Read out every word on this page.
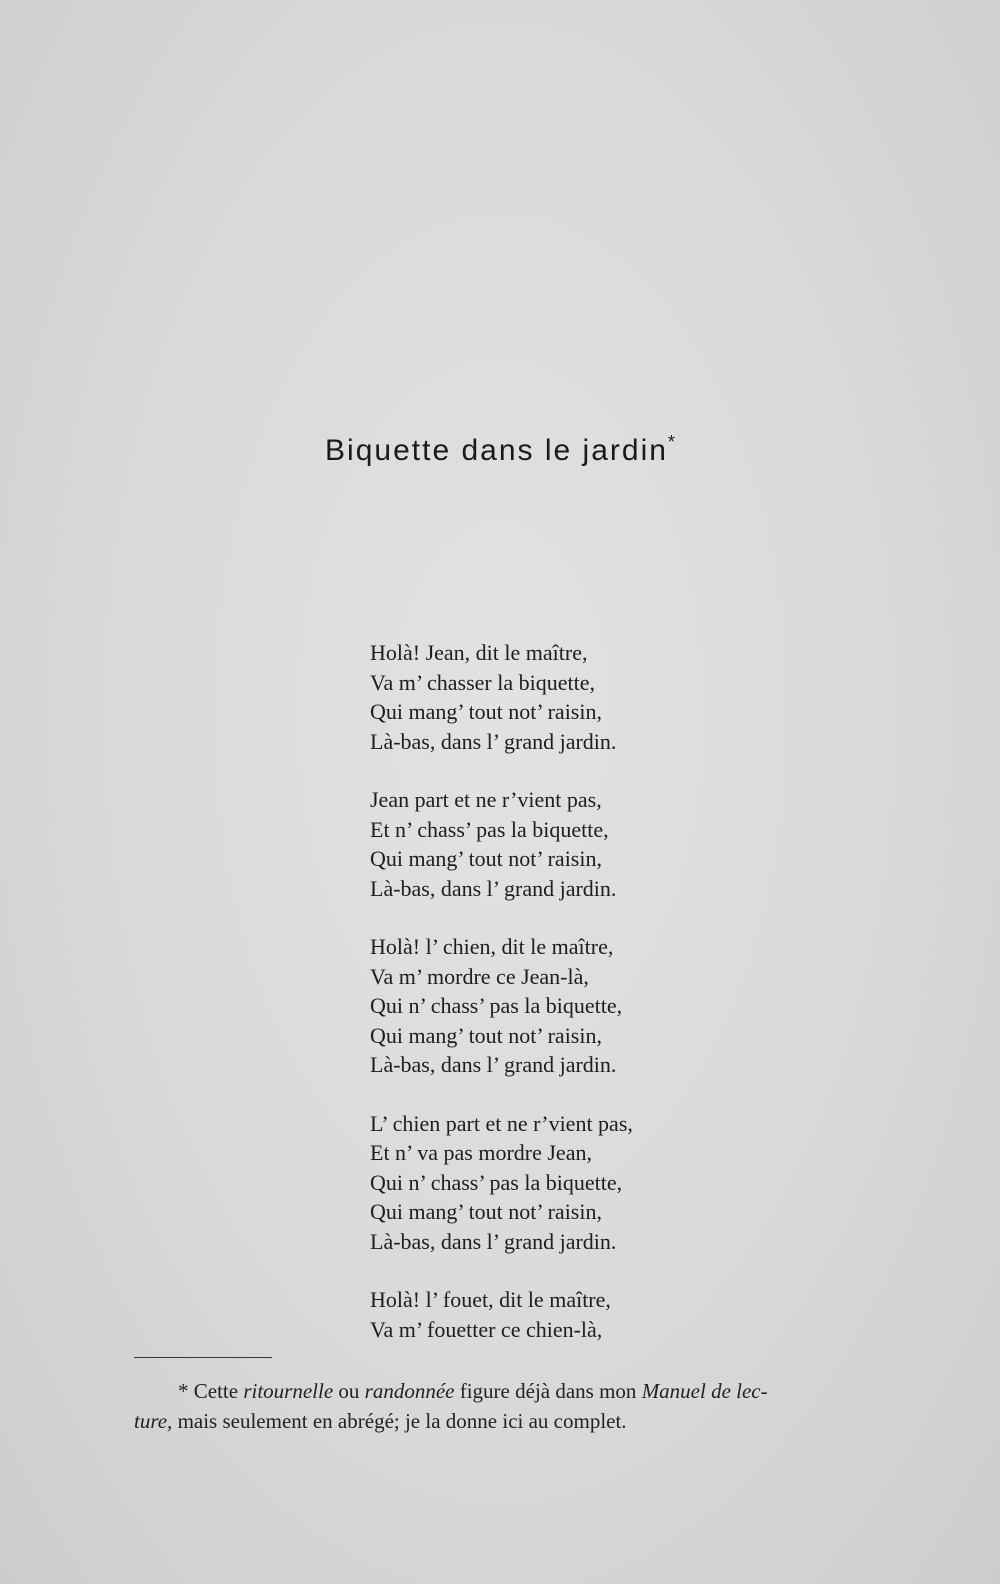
Biquette dans le jardin*
Holà! Jean, dit le maître,
Va m’ chasser la biquette,
Qui mang’ tout not’ raisin,
Là-bas, dans l’ grand jardin.
Jean part et ne r’vient pas,
Et n’ chass’ pas la biquette,
Qui mang’ tout not’ raisin,
Là-bas, dans l’ grand jardin.
Holà! l’ chien, dit le maître,
Va m’ mordre ce Jean-là,
Qui n’ chass’ pas la biquette,
Qui mang’ tout not’ raisin,
Là-bas, dans l’ grand jardin.
L’ chien part et ne r’vient pas,
Et n’ va pas mordre Jean,
Qui n’ chass’ pas la biquette,
Qui mang’ tout not’ raisin,
Là-bas, dans l’ grand jardin.
Holà! l’ fouet, dit le maître,
Va m’ fouetter ce chien-là,
* Cette ritournelle ou randonnée figure déjà dans mon Manuel de lec-
ture, mais seulement en abrégé; je la donne ici au complet.
